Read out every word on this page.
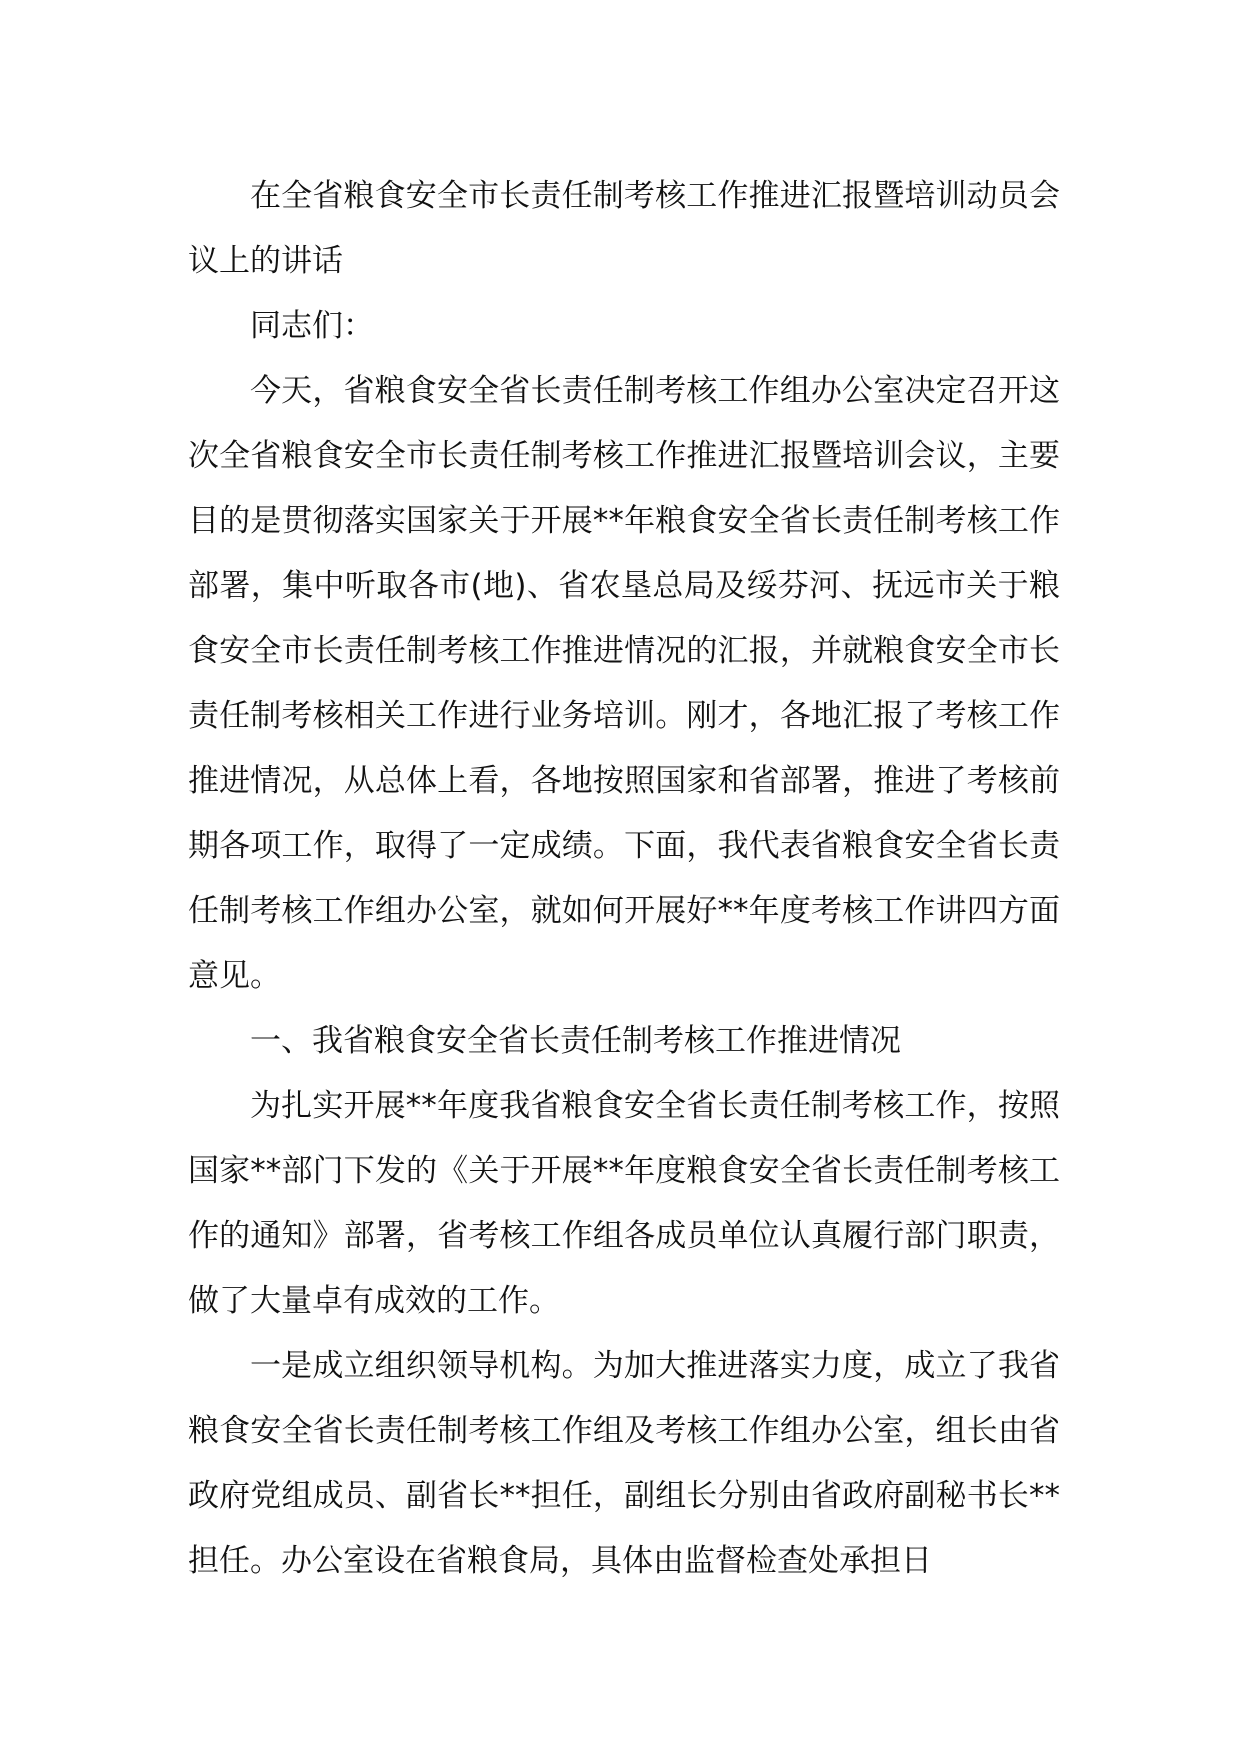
在全省粮食安全市长责任制考核工作推进汇报暨培训动员会议上的讲话

同志们：

今天，省粮食安全省长责任制考核工作组办公室决定召开这次全省粮食安全市长责任制考核工作推进汇报暨培训会议，主要目的是贯彻落实国家关于开展**年粮食安全省长责任制考核工作部署，集中听取各市(地)、省农垦总局及绥芬河、抚远市关于粮食安全市长责任制考核工作推进情况的汇报，并就粮食安全市长责任制考核相关工作进行业务培训。刚才，各地汇报了考核工作推进情况，从总体上看，各地按照国家和省部署，推进了考核前期各项工作，取得了一定成绩。下面，我代表省粮食安全省长责任制考核工作组办公室，就如何开展好**年度考核工作讲四方面意见。

一、我省粮食安全省长责任制考核工作推进情况

为扎实开展**年度我省粮食安全省长责任制考核工作，按照国家**部门下发的《关于开展**年度粮食安全省长责任制考核工作的通知》部署，省考核工作组各成员单位认真履行部门职责，做了大量卓有成效的工作。

一是成立组织领导机构。为加大推进落实力度，成立了我省粮食安全省长责任制考核工作组及考核工作组办公室，组长由省政府党组成员、副省长**担任，副组长分别由省政府副秘书长**担任。办公室设在省粮食局，具体由监督检查处承担日
